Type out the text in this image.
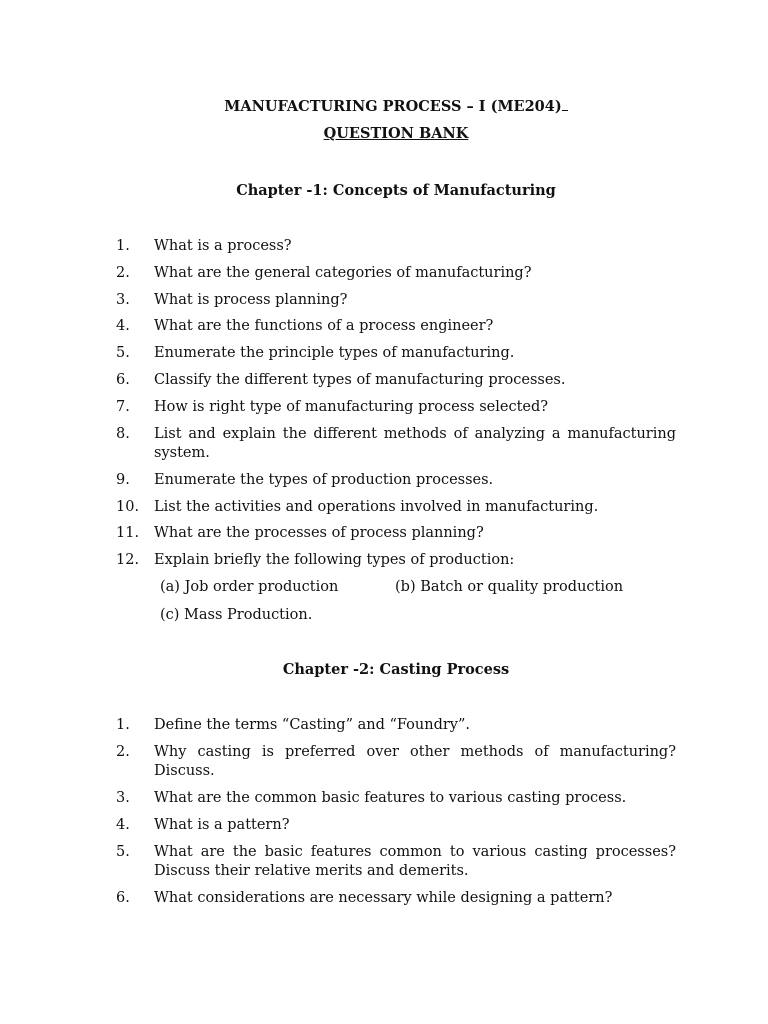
MANUFACTURING PROCESS – I (ME204)

QUESTION BANK

Chapter -1: Concepts of Manufacturing

1. What is a process?
2. What are the general categories of manufacturing?
3. What is process planning?
4. What are the functions of a process engineer?
5. Enumerate the principle types of manufacturing.
6. Classify the different types of manufacturing processes.
7. How is right type of manufacturing process selected?
8. List and explain the different methods of analyzing a manufacturing system.
9. Enumerate the types of production processes.
10. List the activities and operations involved in manufacturing.
11. What are the processes of process planning?
12. Explain briefly the following types of production:
(a) Job order production	(b) Batch or quality production
(c) Mass Production.

Chapter -2: Casting Process

1. Define the terms “Casting” and “Foundry”.
2. Why casting is preferred over other methods of manufacturing? Discuss.
3. What are the common basic features to various casting process.
4. What is a pattern?
5. What are the basic features common to various casting processes? Discuss their relative merits and demerits.
6. What considerations are necessary while designing a pattern?
